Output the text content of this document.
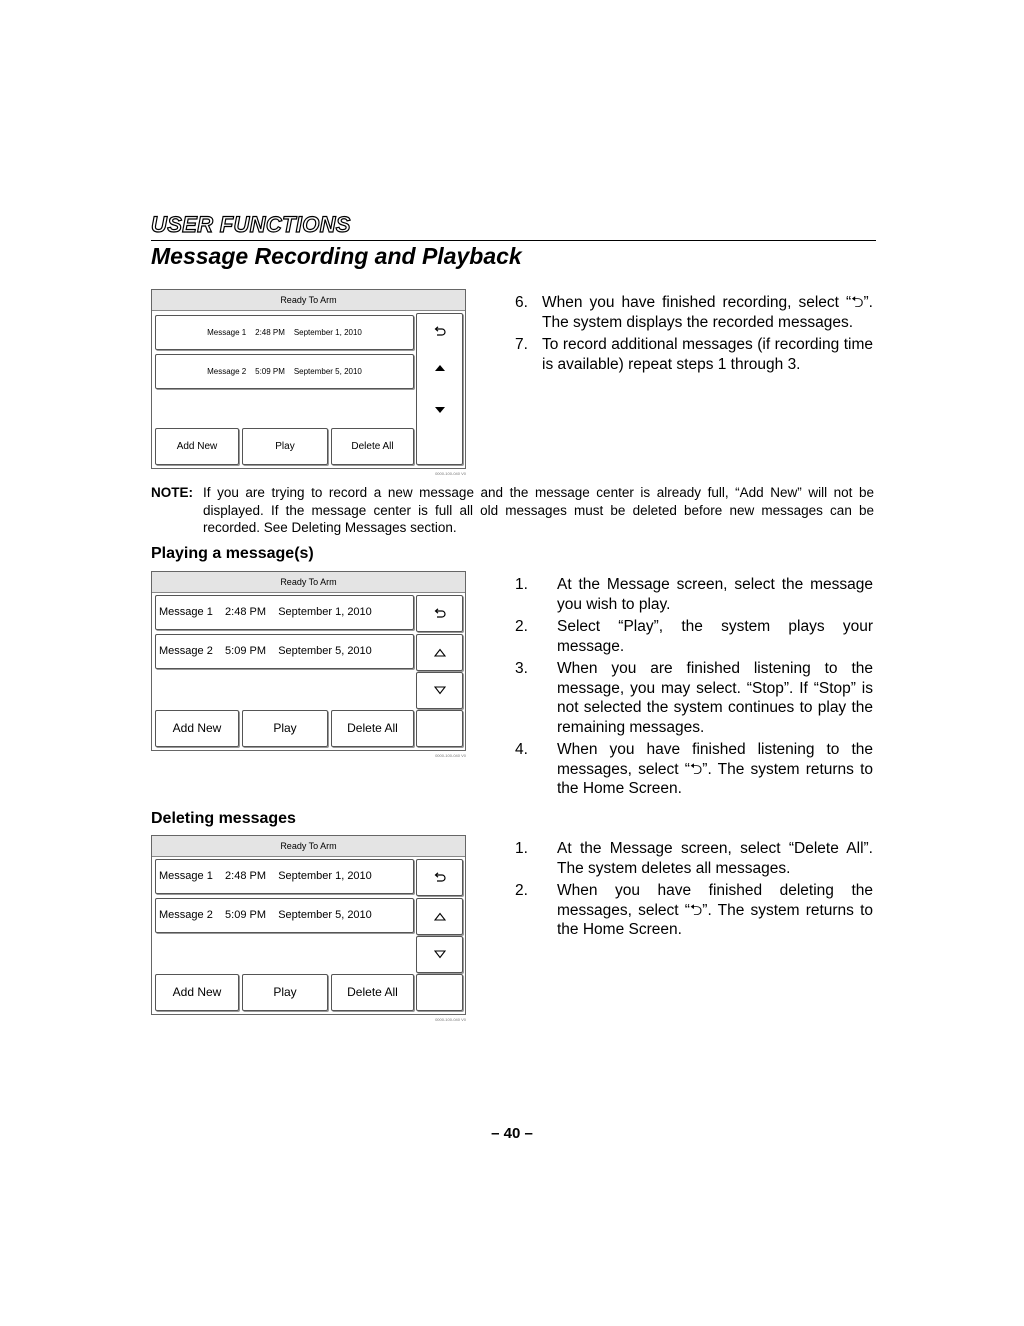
USER FUNCTIONS
Message Recording and Playback
Ready To Arm
Message 1    2:48 PM    September 1, 2010
Message 2    5:09 PM    September 5, 2010
Add New	Play	Delete All
0000-100-040 V0
6. When you have finished recording, select “⮌”. The system displays the recorded messages.
7. To record additional messages (if recording time is available) repeat steps 1 through 3.
NOTE: If you are trying to record a new message and the message center is already full, “Add New” will not be displayed. If the message center is full all old messages must be deleted before new messages can be recorded. See Deleting Messages section.
Playing a message(s)
Ready To Arm
Message 1    2:48 PM    September 1, 2010
Message 2    5:09 PM    September 5, 2010
Add New	Play	Delete All
0000-100-040 V0
1. At the Message screen, select the message you wish to play.
2. Select “Play”, the system plays your message.
3. When you are finished listening to the message, you may select. “Stop”. If “Stop” is not selected the system continues to play the remaining messages.
4. When you have finished listening to the messages, select “⮌”. The system returns to the Home Screen.
Deleting messages
Ready To Arm
Message 1    2:48 PM    September 1, 2010
Message 2    5:09 PM    September 5, 2010
Add New	Play	Delete All
0000-100-040 V0
1. At the Message screen, select “Delete All”. The system deletes all messages.
2. When you have finished deleting the messages, select “⮌”. The system returns to the Home Screen.
– 40 –
